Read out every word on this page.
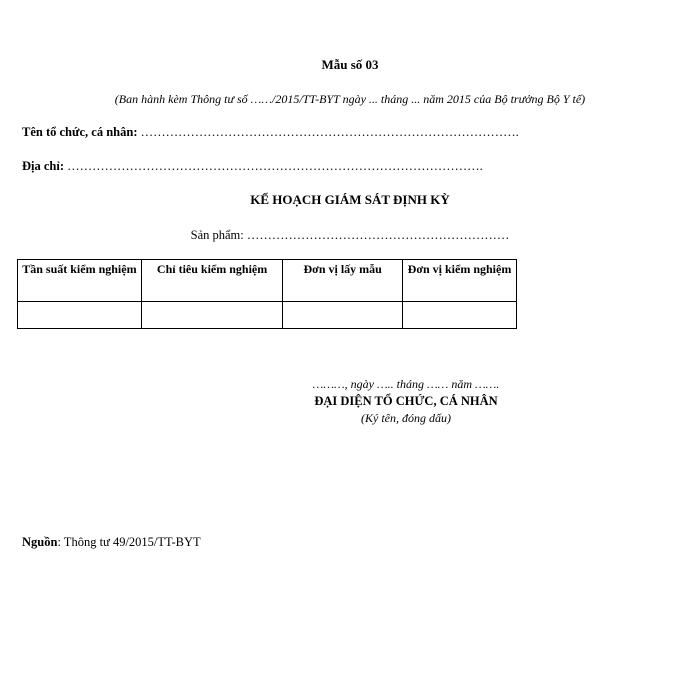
Mẫu số 03
(Ban hành kèm Thông tư số ……/2015/TT-BYT ngày ... tháng ... năm 2015 của Bộ trưởng Bộ Y tế)
Tên tổ chức, cá nhân: ……………………………………………………………………………….
Địa chỉ: ……………………………………………………………………………………….
KẾ HOẠCH GIÁM SÁT ĐỊNH KỲ
Sản phẩm: ………………………………………………………
Tần suất kiểm nghiệm	Chỉ tiêu kiểm nghiệm	Đơn vị lấy mẫu	Đơn vị kiểm nghiệm

………, ngày ….. tháng …… năm …….
ĐẠI DIỆN TỔ CHỨC, CÁ NHÂN
(Ký tên, đóng dấu)
Nguồn: Thông tư 49/2015/TT-BYT
